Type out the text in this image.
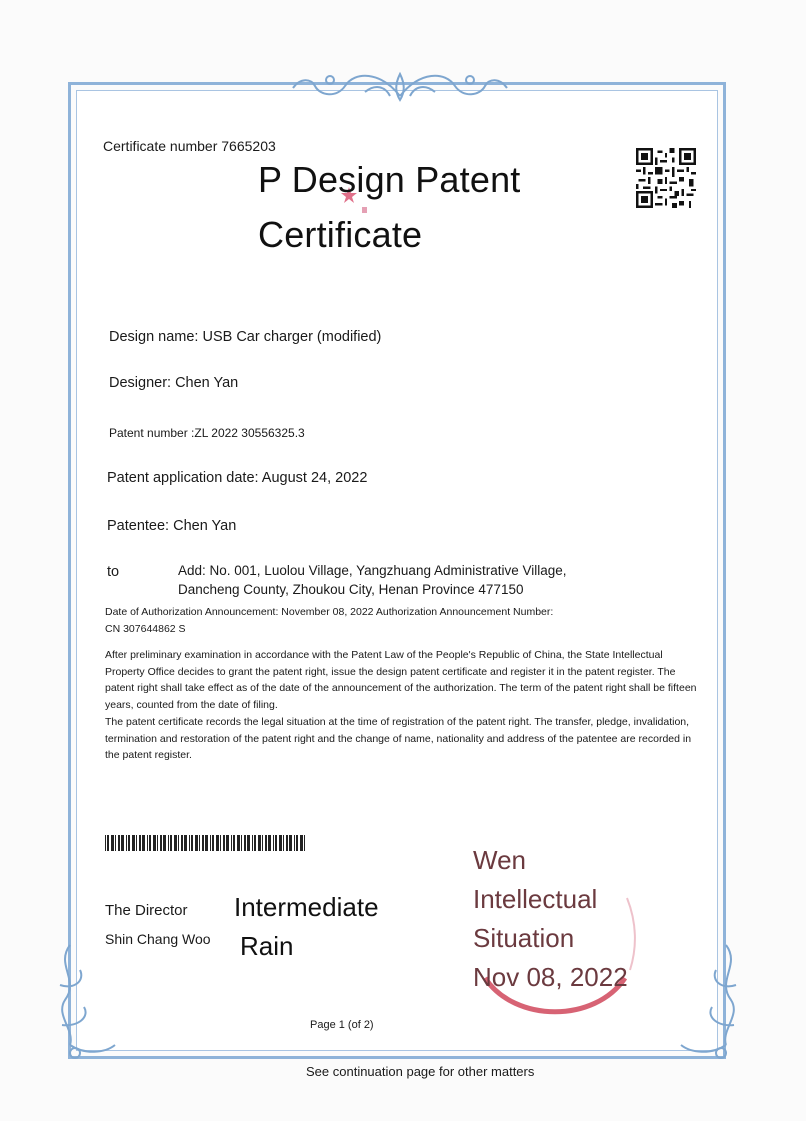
Certificate number 7665203
P Design Patent
Certificate
Design name: USB Car charger (modified)
Designer: Chen Yan
Patent number :ZL 2022 30556325.3
Patent application date: August 24, 2022
Patentee: Chen Yan
to	Add: No. 001, Luolou Village, Yangzhuang Administrative Village,
Dancheng County, Zhoukou City, Henan Province 477150
Date of Authorization Announcement: November 08, 2022 Authorization Announcement Number:
CN 307644862 S
After preliminary examination in accordance with the Patent Law of the People's Republic of China, the State Intellectual Property Office decides to grant the patent right, issue the design patent certificate and register it in the patent register. The patent right shall take effect as of the date of the announcement of the authorization. The term of the patent right shall be fifteen years, counted from the date of filing.
The patent certificate records the legal situation at the time of registration of the patent right. The transfer, pledge, invalidation, termination and restoration of the patent right and the change of name, nationality and address of the patentee are recorded in the patent register.
The Director
Shin Chang Woo
Intermediate
Rain
Wen
Intellectual
Situation
Nov 08, 2022
Page 1 (of 2)
See continuation page for other matters
